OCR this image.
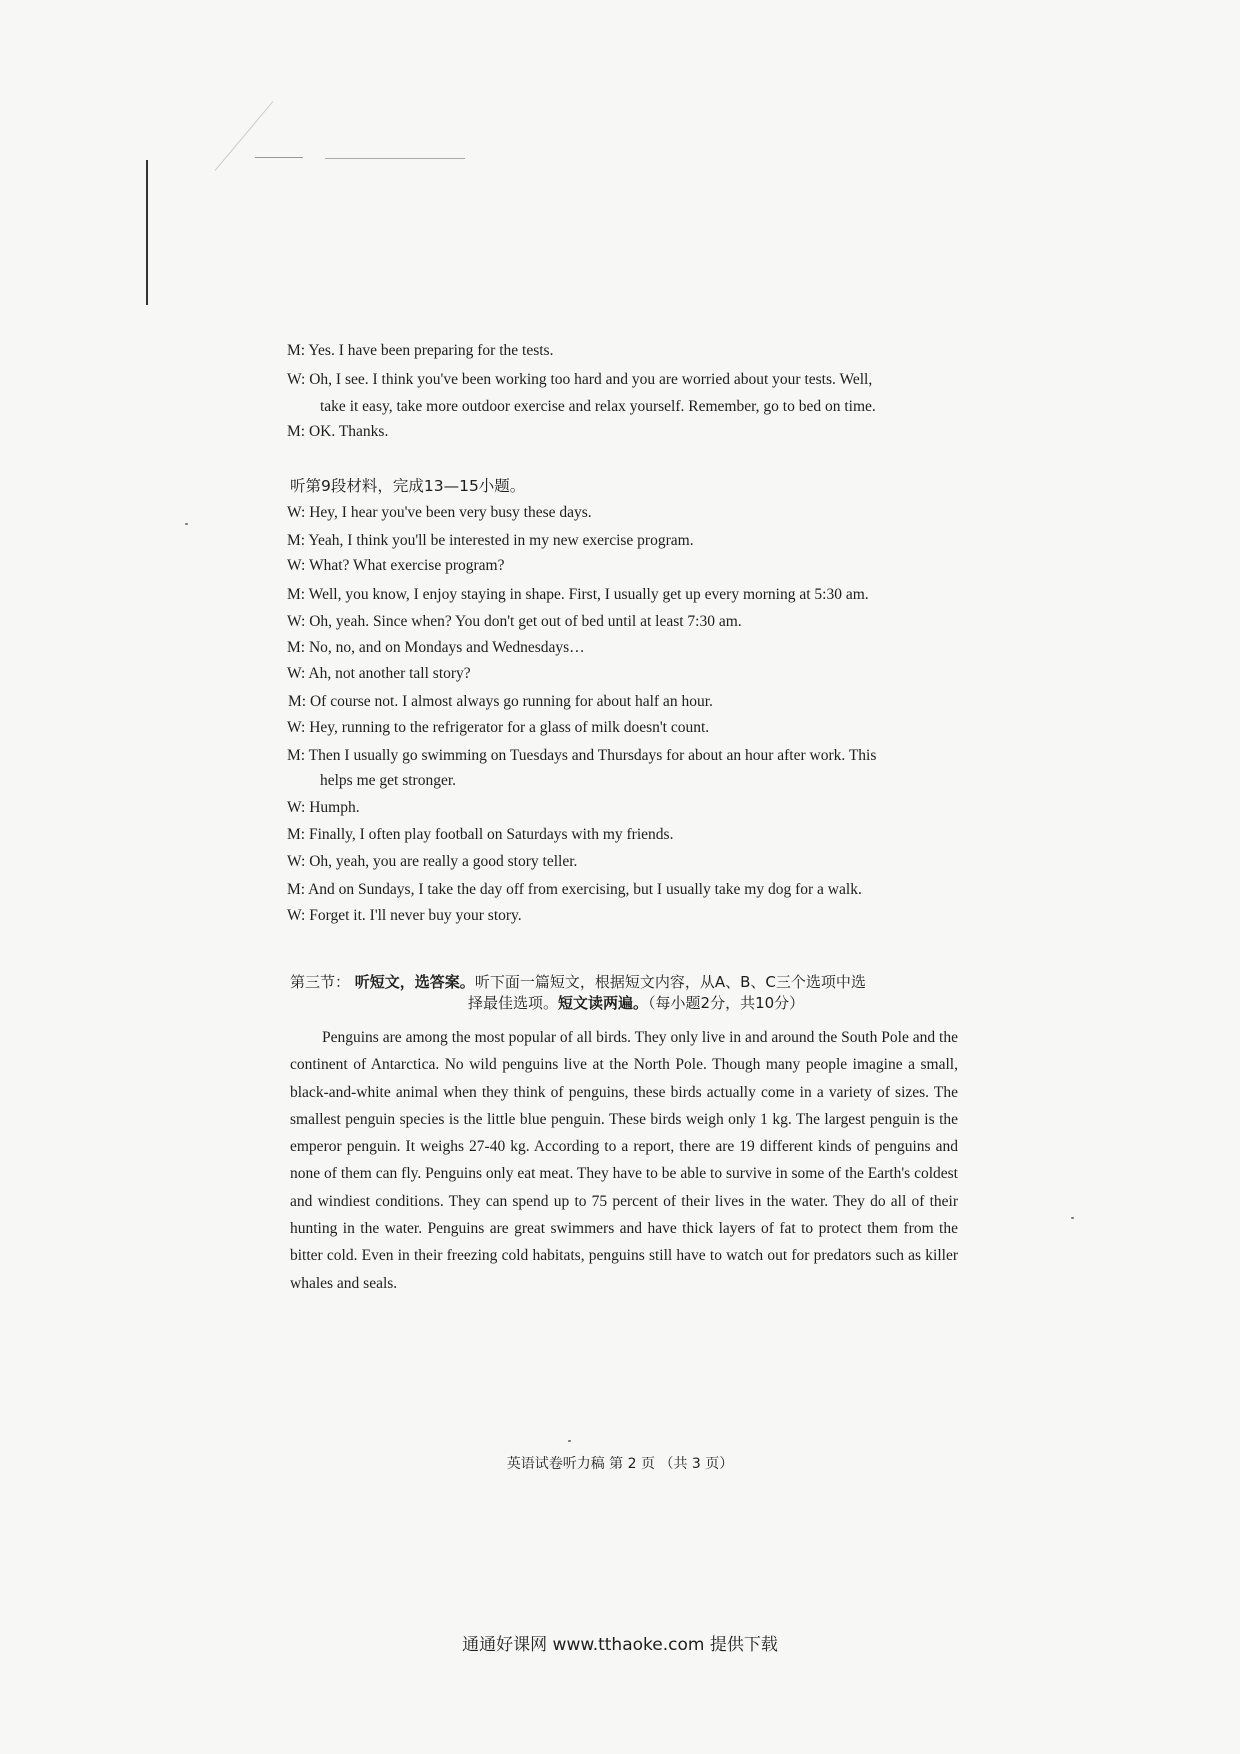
M: Yes. I have been preparing for the tests.
W: Oh, I see. I think you've been working too hard and you are worried about your tests. Well,
take it easy, take more outdoor exercise and relax yourself. Remember, go to bed on time.
M: OK. Thanks.
听第9段材料，完成13—15小题。
W: Hey, I hear you've been very busy these days.
M: Yeah, I think you'll be interested in my new exercise program.
W: What? What exercise program?
M: Well, you know, I enjoy staying in shape. First, I usually get up every morning at 5:30 am.
W: Oh, yeah. Since when? You don't get out of bed until at least 7:30 am.
M: No, no, and on Mondays and Wednesdays…
W: Ah, not another tall story?
M: Of course not. I almost always go running for about half an hour.
W: Hey, running to the refrigerator for a glass of milk doesn't count.
M: Then I usually go swimming on Tuesdays and Thursdays for about an hour after work. This
helps me get stronger.
W: Humph.
M: Finally, I often play football on Saturdays with my friends.
W: Oh, yeah, you are really a good story teller.
M: And on Sundays, I take the day off from exercising, but I usually take my dog for a walk.
W: Forget it. I'll never buy your story.
第三节： 听短文，选答案。听下面一篇短文，根据短文内容，从A、B、C三个选项中选
择最佳选项。短文读两遍。（每小题2分，共10分）

Penguins are among the most popular of all birds. They only live in and around the South Pole and the continent of Antarctica. No wild penguins live at the North Pole. Though many people imagine a small, black-and-white animal when they think of penguins, these birds actually come in a variety of sizes. The smallest penguin species is the little blue penguin. These birds weigh only 1 kg. The largest penguin is the emperor penguin. It weighs 27-40 kg. According to a report, there are 19 different kinds of penguins and none of them can fly. Penguins only eat meat. They have to be able to survive in some of the Earth's coldest and windiest conditions. They can spend up to 75 percent of their lives in the water. They do all of their hunting in the water. Penguins are great swimmers and have thick layers of fat to protect them from the bitter cold. Even in their freezing cold habitats, penguins still have to watch out for predators such as killer whales and seals.

英语试卷听力稿 第 2 页 （共 3 页）
通通好课网 www.tthaoke.com 提供下载
